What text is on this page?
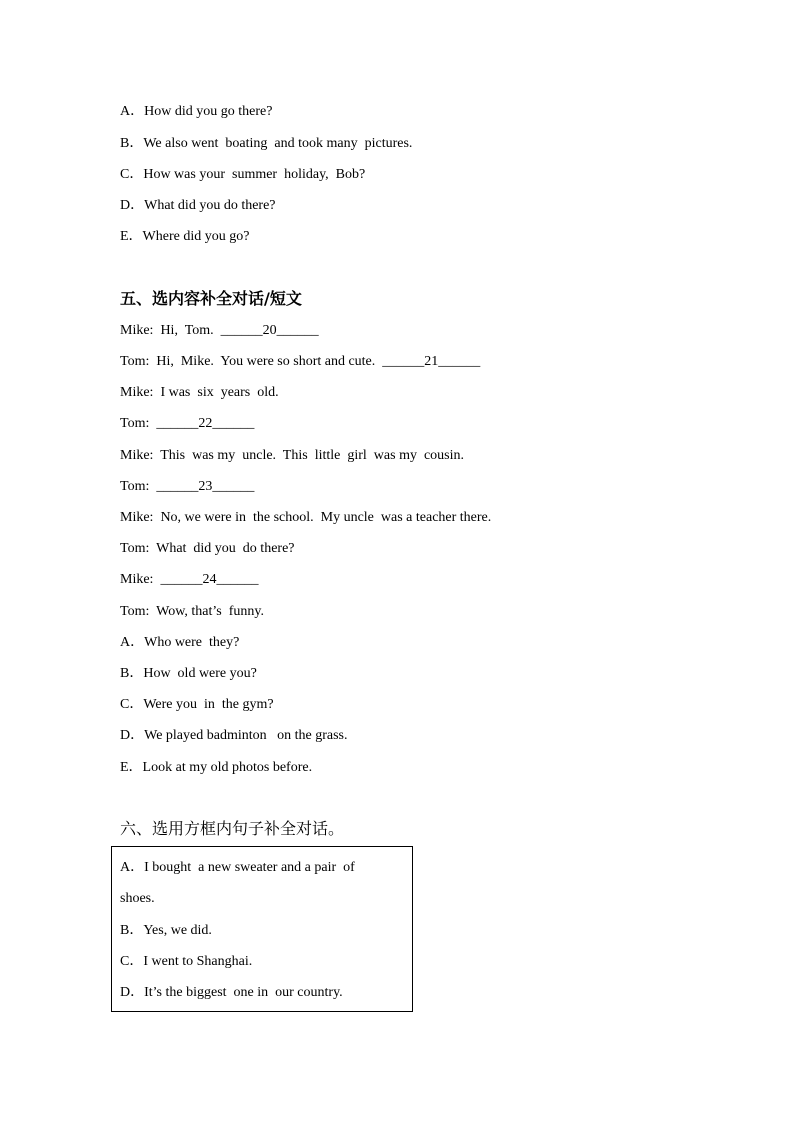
A．How did you go there?
B．We also went  boating  and took many  pictures.
C．How was your  summer  holiday,  Bob?
D．What did you do there?
E．Where did you go?
五、选内容补全对话/短文
Mike:  Hi,  Tom.  ______20______
Tom:  Hi,  Mike.  You were so short and cute.  ______21______
Mike:  I was  six  years  old.
Tom:  ______22______
Mike:  This  was my  uncle.  This  little  girl  was my  cousin.
Tom:  ______23______
Mike:  No, we were in  the school.  My uncle  was a teacher there.
Tom:  What  did you  do there?
Mike:  ______24______
Tom:  Wow, that’s  funny.
A．Who were  they?
B．How  old were you?
C．Were you  in  the gym?
D．We played badminton   on the grass.
E．Look at my old photos before.
六、选用方框内句子补全对话。
A．I bought  a new sweater and a pair  of
shoes.
B．Yes, we did.
C．I went to Shanghai.
D．It’s the biggest  one in  our country.
